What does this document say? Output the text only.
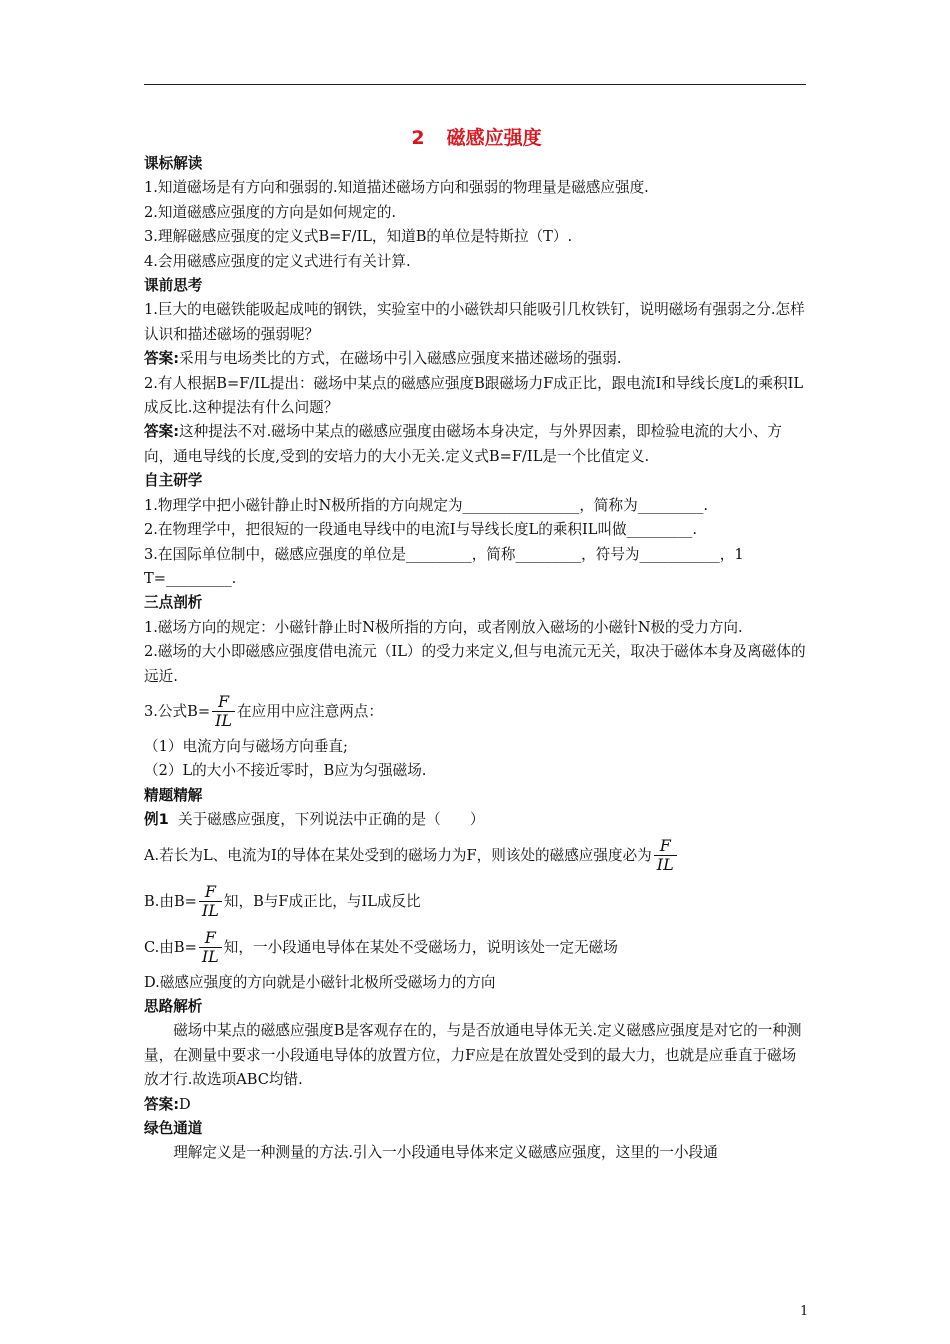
2 磁感应强度
课标解读

1.知道磁场是有方向和强弱的.知道描述磁场方向和强弱的物理量是磁感应强度.

2.知道磁感应强度的方向是如何规定的.

3.理解磁感应强度的定义式B=F/IL，知道B的单位是特斯拉（T）.

4.会用磁感应强度的定义式进行有关计算.

课前思考

1.巨大的电磁铁能吸起成吨的钢铁，实验室中的小磁铁却只能吸引几枚铁钉，说明磁场有强弱之分.怎样认识和描述磁场的强弱呢？

答案:采用与电场类比的方式，在磁场中引入磁感应强度来描述磁场的强弱.

2.有人根据B=F/IL提出：磁场中某点的磁感应强度B跟磁场力F成正比，跟电流I和导线长度L的乘积IL成反比.这种提法有什么问题？

答案:这种提法不对.磁场中某点的磁感应强度由磁场本身决定，与外界因素，即检验电流的大小、方向，通电导线的长度,受到的安培力的大小无关.定义式B=F/IL是一个比值定义.

自主研学

1.物理学中把小磁针静止时N极所指的方向规定为________________，简称为_________.

2.在物理学中，把很短的一段通电导线中的电流I与导线长度L的乘积IL叫做_________.

3.在国际单位制中，磁感应强度的单位是_________，简称_________，符号为___________，1 T=_________.

三点剖析

1.磁场方向的规定：小磁针静止时N极所指的方向，或者刚放入磁场的小磁针N极的受力方向.

2.磁场的大小即磁感应强度借电流元（IL）的受力来定义,但与电流元无关，取决于磁体本身及离磁体的远近.

3.公式$B= \frac{F}{IL}$ 在应用中应注意两点：

（1）电流方向与磁场方向垂直;

（2）L的大小不接近零时，B应为匀强磁场.

精题精解

例1 关于磁感应强度，下列说法中正确的是（　　）

A.若长为L、电流为I的导体在某处受到的磁场力为F，则该处的磁感应强度必为 $\frac{F}{IL}$

B.由$B= \frac{F}{IL}$ 知，B与F成正比，与IL成反比

C.由$B= \frac{F}{IL}$ 知，一小段通电导体在某处不受磁场力，说明该处一定无磁场

D.磁感应强度的方向就是小磁针北极所受磁场力的方向

思路解析

磁场中某点的磁感应强度B是客观存在的，与是否放通电导体无关.定义磁感应强度是对它的一种测量，在测量中要求一小段通电导体的放置方位，力F应是在放置处受到的最大力，也就是应垂直于磁场放才行.故选项ABC均错.

答案:D

绿色通道

理解定义是一种测量的方法.引入一小段通电导体来定义磁感应强度，这里的一小段通

1
